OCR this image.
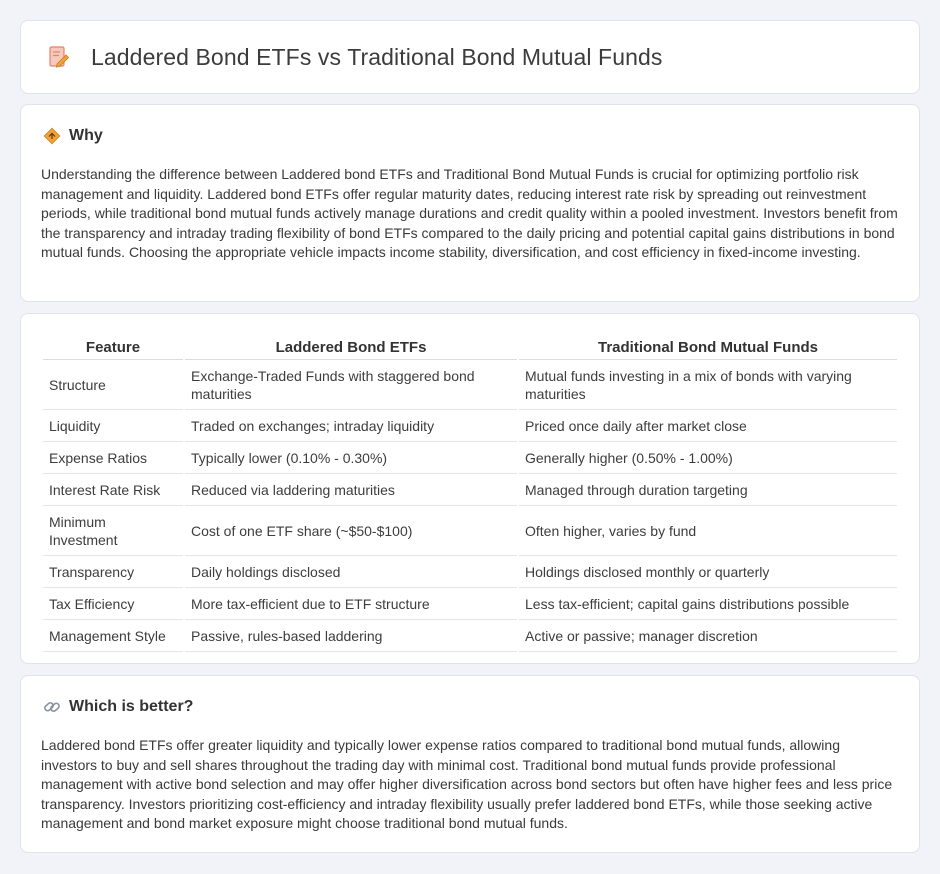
Laddered Bond ETFs vs Traditional Bond Mutual Funds
Why

Understanding the difference between Laddered bond ETFs and Traditional Bond Mutual Funds is crucial for optimizing portfolio risk management and liquidity. Laddered bond ETFs offer regular maturity dates, reducing interest rate risk by spreading out reinvestment periods, while traditional bond mutual funds actively manage durations and credit quality within a pooled investment. Investors benefit from the transparency and intraday trading flexibility of bond ETFs compared to the daily pricing and potential capital gains distributions in bond mutual funds. Choosing the appropriate vehicle impacts income stability, diversification, and cost efficiency in fixed-income investing.

Feature	Laddered Bond ETFs	Traditional Bond Mutual Funds
Structure	Exchange-Traded Funds with staggered bond maturities	Mutual funds investing in a mix of bonds with varying maturities
Liquidity	Traded on exchanges; intraday liquidity	Priced once daily after market close
Expense Ratios	Typically lower (0.10% - 0.30%)	Generally higher (0.50% - 1.00%)
Interest Rate Risk	Reduced via laddering maturities	Managed through duration targeting
Minimum Investment	Cost of one ETF share (~$50-$100)	Often higher, varies by fund
Transparency	Daily holdings disclosed	Holdings disclosed monthly or quarterly
Tax Efficiency	More tax-efficient due to ETF structure	Less tax-efficient; capital gains distributions possible
Management Style	Passive, rules-based laddering	Active or passive; manager discretion
Which is better?

Laddered bond ETFs offer greater liquidity and typically lower expense ratios compared to traditional bond mutual funds, allowing investors to buy and sell shares throughout the trading day with minimal cost. Traditional bond mutual funds provide professional management with active bond selection and may offer higher diversification across bond sectors but often have higher fees and less price transparency. Investors prioritizing cost-efficiency and intraday flexibility usually prefer laddered bond ETFs, while those seeking active management and bond market exposure might choose traditional bond mutual funds.
